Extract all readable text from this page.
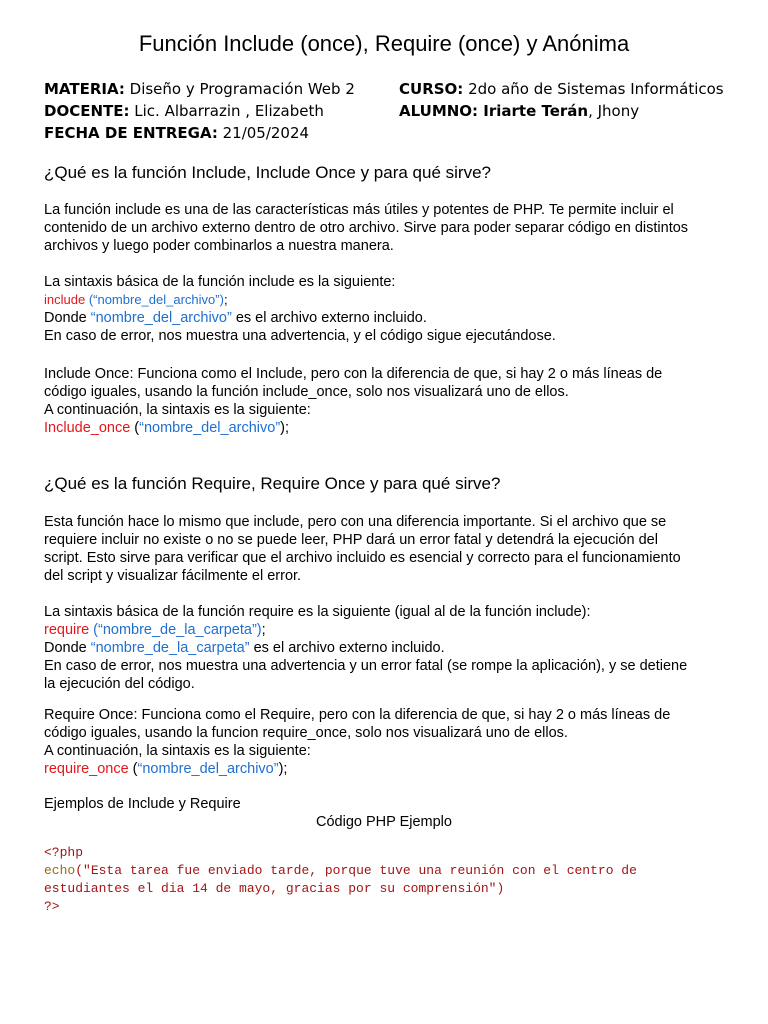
Función Include (once), Require (once) y Anónima
MATERIA: Diseño y Programación Web 2
DOCENTE: Lic. Albarrazin , Elizabeth
FECHA DE ENTREGA: 21/05/2024
CURSO: 2do año de Sistemas Informáticos
ALUMNO: Iriarte Terán, Jhony
¿Qué es la función Include, Include Once y para qué sirve?
La función include es una de las características más útiles y potentes de PHP. Te permite incluir el
contenido de un archivo externo dentro de otro archivo. Sirve para poder separar código en distintos
archivos y luego poder combinarlos a nuestra manera.
La sintaxis básica de la función include es la siguiente:
include (“nombre_del_archivo”);
Donde “nombre_del_archivo” es el archivo externo incluido.
En caso de error, nos muestra una advertencia, y el código sigue ejecutándose.
Include Once: Funciona como el Include, pero con la diferencia de que, si hay 2 o más líneas de
código iguales, usando la función include_once, solo nos visualizará uno de ellos.
A continuación, la sintaxis es la siguiente:
Include_once (“nombre_del_archivo”);
¿Qué es la función Require, Require Once y para qué sirve?
Esta función hace lo mismo que include, pero con una diferencia importante. Si el archivo que se
requiere incluir no existe o no se puede leer, PHP dará un error fatal y detendrá la ejecución del
script. Esto sirve para verificar que el archivo incluido es esencial y correcto para el funcionamiento
del script y visualizar fácilmente el error.
La sintaxis básica de la función require es la siguiente (igual al de la función include):
require (“nombre_de_la_carpeta”);
Donde “nombre_de_la_carpeta” es el archivo externo incluido.
En caso de error, nos muestra una advertencia y un error fatal (se rompe la aplicación), y se detiene
la ejecución del código.
Require Once: Funciona como el Require, pero con la diferencia de que, si hay 2 o más líneas de
código iguales, usando la funcion require_once, solo nos visualizará uno de ellos.
A continuación, la sintaxis es la siguiente:
require_once (“nombre_del_archivo”);
Ejemplos de Include y Require
Código PHP Ejemplo
<?php
echo("Esta tarea fue enviado tarde, porque tuve una reunión con el centro de
estudiantes el dia 14 de mayo, gracias por su comprensión")
?>
